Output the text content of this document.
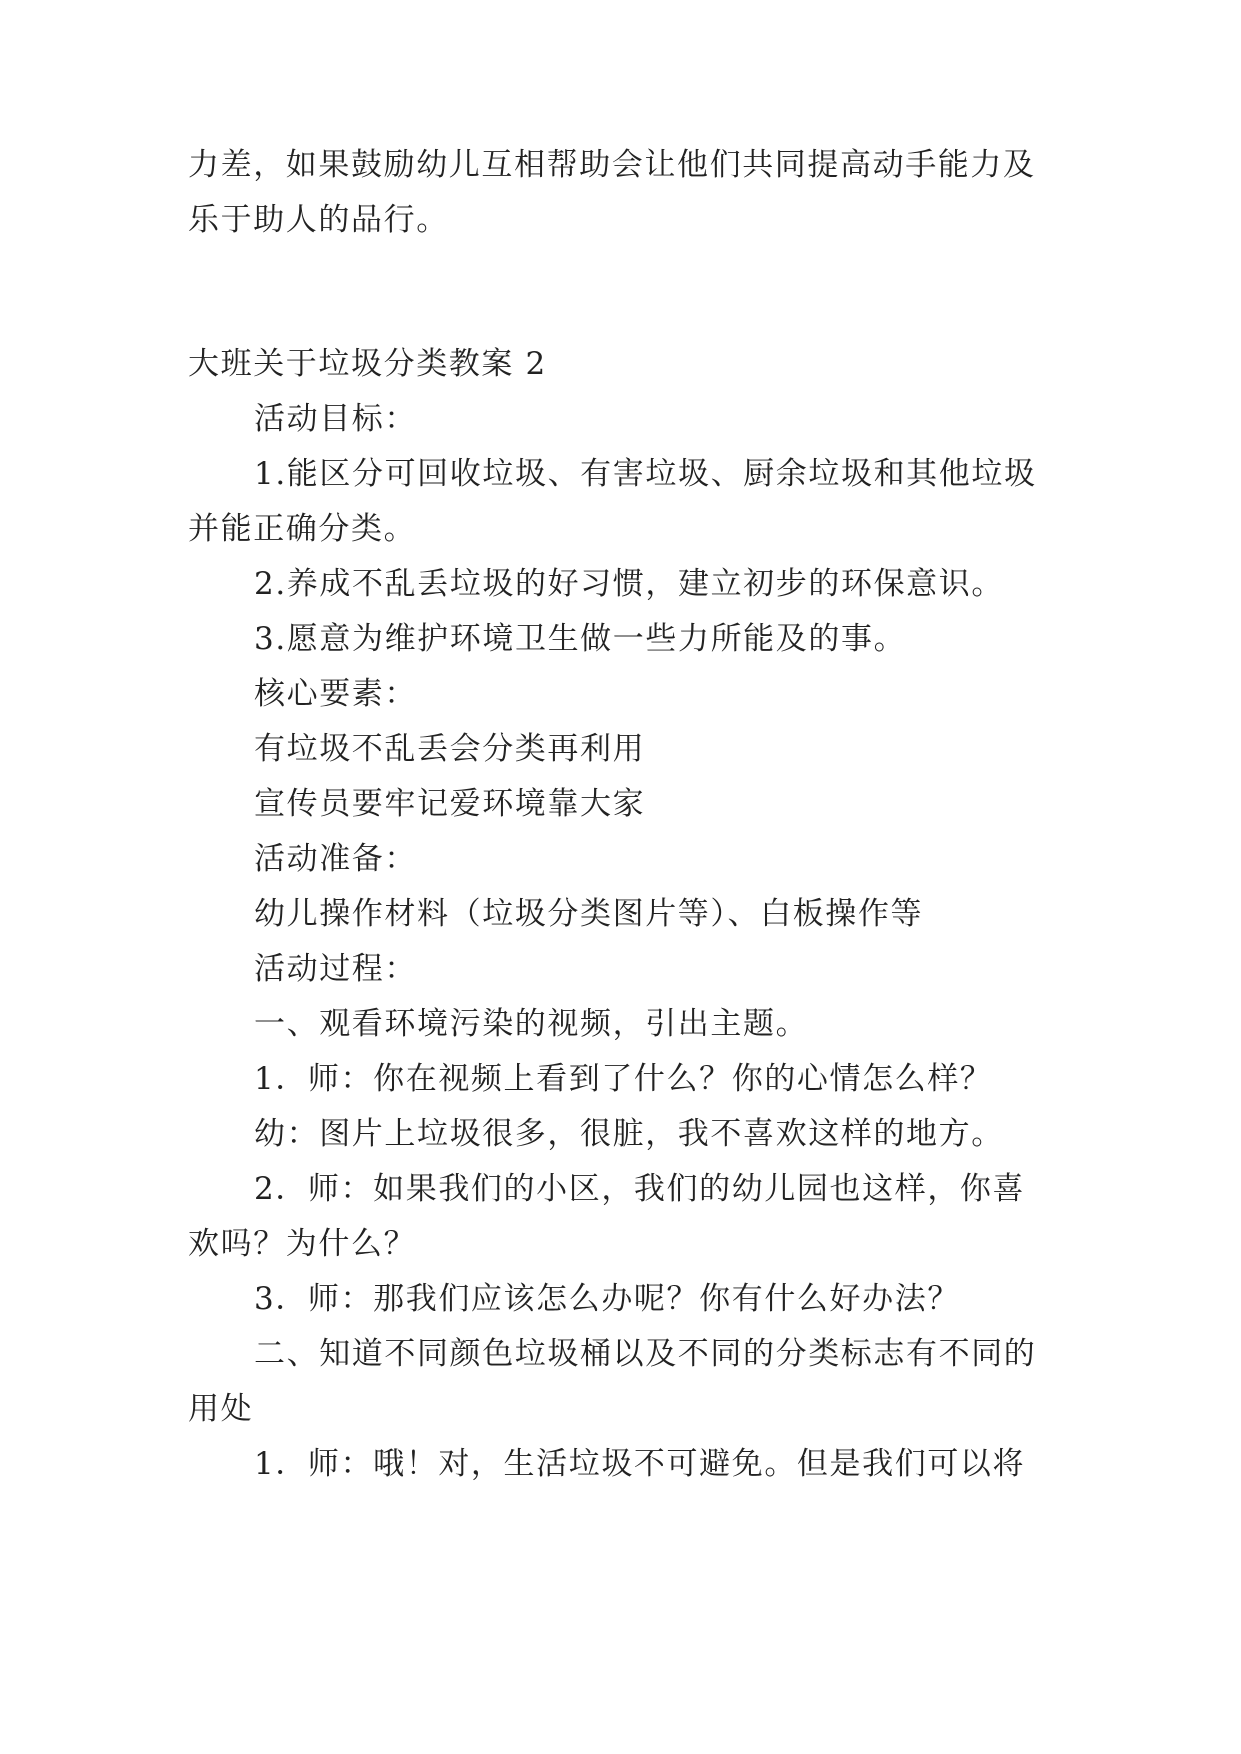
力差，如果鼓励幼儿互相帮助会让他们共同提高动手能力及
乐于助人的品行。
大班关于垃圾分类教案 2
活动目标：
1.能区分可回收垃圾、有害垃圾、厨余垃圾和其他垃圾
并能正确分类。
2.养成不乱丢垃圾的好习惯，建立初步的环保意识。
3.愿意为维护环境卫生做一些力所能及的事。
核心要素：
有垃圾不乱丢会分类再利用
宣传员要牢记爱环境靠大家
活动准备：
幼儿操作材料（垃圾分类图片等）、白板操作等
活动过程：
一、观看环境污染的视频，引出主题。
1．师：你在视频上看到了什么？你的心情怎么样？
幼：图片上垃圾很多，很脏，我不喜欢这样的地方。
2．师：如果我们的小区，我们的幼儿园也这样，你喜
欢吗？为什么？
3．师：那我们应该怎么办呢？你有什么好办法？
二、知道不同颜色垃圾桶以及不同的分类标志有不同的
用处
1．师：哦！对，生活垃圾不可避免。但是我们可以将
